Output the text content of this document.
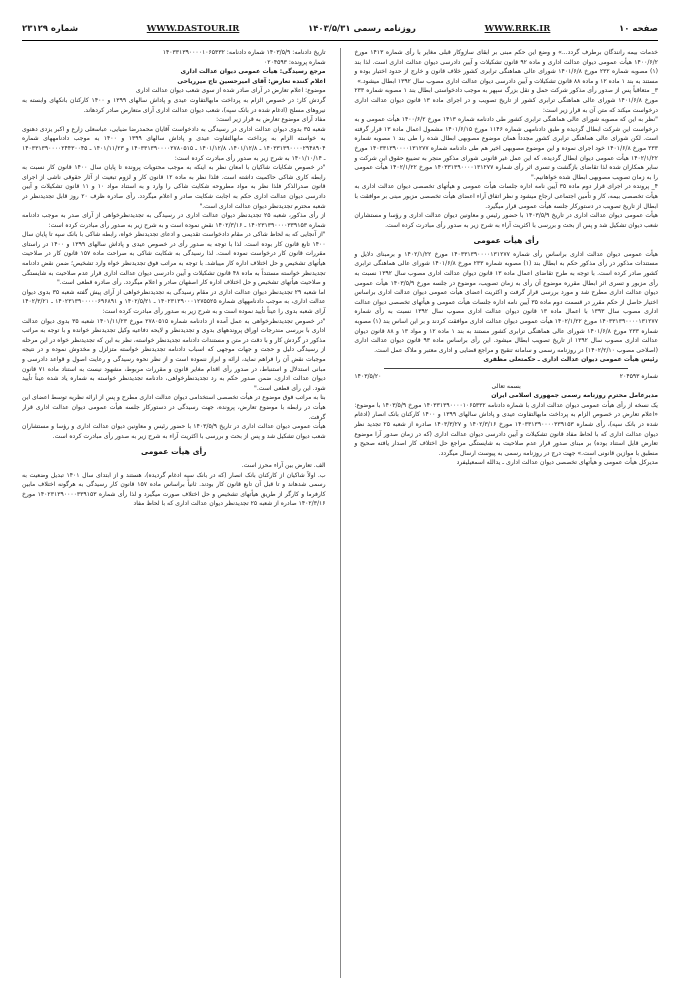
شماره ۲۳۱۲۹	WWW.DASTOUR.IR	روزنامه رسمی ۱۴۰۳/۵/۳۱	WWW.RRK.IR	صفحه ۱۰

خدمات بیمه رانندگان برطرف گردد...» و وضع این حکم مبنی بر ابقای سازوکار قبلی مغایر با رأی شماره ۱۴۱۳ مورخ ۱۴۰۰/۶/۲ هیأت عمومی دیوان عدالت اداری و ماده ۹۲ قانون تشکیلات و آیین دادرسی دیوان عدالت اداری است. لذا بند (۱) مصوبه شماره ۲۳۲ مورخ ۱۴۰۱/۶/۸ شورای عالی هماهنگی ترابری کشور خلاف قانون و خارج از حدود اختیار بوده و مستند به بند ۱ ماده ۱۲ و ماده ۸۸ قانون تشکیلات و آیین دادرسی دیوان عدالت اداری مصوب سال ۱۳۹۲ ابطال میشود.»

۳_ متعاقباً پس از صدور رأی مذکور شرکت حمل و نقل بزرگ سپهر به موجب دادخواستی ابطال بند ۱ مصوبه شماره ۲۳۳ مورخ ۱۴۰۱/۶/۸ شورای عالی هماهنگی ترابری کشور از تاریخ تصویب و در اجرای ماده ۱۳ قانون دیوان عدالت اداری درخواست میکند که متن آن به قرار زیر است:

"نظر به این که مصوبه شورای عالی هماهنگی ترابری کشور طی دادنامه شماره ۱۴۱۳ مورخ ۱۴۰۰/۶/۲ هیأت عمومی و به درخواست این شرکت ابطال گردیده و طبق دادنامهی شماره ۱۱۴۶ مورخ ۱۴۰۱/۶/۱۵ مشمول اعمال ماده ۱۳ قرار گرفته است. لکن شورای عالی هماهنگی ترابری کشور مجدداً همان موضوع مصوبهی ابطال شده را طی بند ۱ مصوبه شماره ۲۳۳ مورخ ۱۴۰۱/۶/۸ خود اجرای نموده و این موضوع مصوبهی اخیر هم طی دادنامه شماره ۱۴۰۳۳۱۳۹۰۰۰۰۱۳۱۲۷۷ مورخ ۱۴۰۲/۱/۲۲ هیأت عمومی دیوان ابطال گردیده، که این عمل غیر قانونی شورای مذکور منجر به تضییع حقوق این شرکت و سایر همکاران شده لذا تقاضای بازگشت و تسری اثر رأی شماره ۱۴۰۳۳۱۳۹۰۰۰۰۱۳۱۲۷۷ مورخ ۱۴۰۲/۱/۲۲ هیأت عمومی را به زمان تصویب مصوبهی ابطال شده خواهانیم."

۴_ پرونده در اجرای قرار دوم ماده ۳۵ آیین نامه اداره جلسات هیأت عمومی و هیأتهای تخصصی دیوان عدالت اداری به هیأت تخصصی بیمه، کار و تأمین اجتماعی ارجاع میشود و نظر اتفاق آراء اعضای هیأت تخصصی مزبور مبنی بر موافقت با ابطال از تاریخ تصویب در دستورکار جلسه هیأت عمومی قرار میگیرد.

هیأت عمومی دیوان عدالت اداری در تاریخ ۱۴۰۳/۵/۹ با حضور رئیس و معاونین دیوان عدالت اداری و رؤسا و مستشاران شعب دیوان تشکیل شد و پس از بحث و بررسی با اکثریت آراء به شرح زیر به صدور رأی مبادرت کرده است.

رأی هیأت عمومی

هیأت عمومی دیوان عدالت اداری براساس رأی شماره ۱۴۰۳۳۱۳۹۰۰۰۰۱۳۱۲۷۷ مورخ ۱۴۰۲/۱/۲۲ و برمبنای دلایل و مستندات مذکور در رأی مذکور حکم به ابطال بند (۱) مصوبه شماره ۲۳۳ مورخ ۱۴۰۱/۶/۸ شورای عالی هماهنگی ترابری کشور صادر کرده است. با توجه به طرح تقاضای اعمال ماده ۱۳ قانون دیوان عدالت اداری مصوب سال ۱۳۹۲ نسبت به رأی مزبور و تسری اثر ابطال مقرره موضوع آن رأی به زمان تصویب، موضوع در جلسه مورخ ۱۴۰۳/۵/۹ هیأت عمومی دیوان عدالت اداری مطرح شد و مورد بررسی قرار گرفت و اکثریت اعضای هیأت عمومی دیوان عدالت اداری براساس اختیار حاصل از حکم مقرر در قسمت دوم ماده ۳۵ آیین نامه اداره جلسات هیأت عمومی و هیأتهای تخصصی دیوان عدالت اداری مصوب سال ۱۳۹۳ با اعمال ماده ۱۳ قانون دیوان عدالت اداری مصوب سال ۱۳۹۲ نسبت به رأی شماره ۱۴۰۳۳۱۳۹۰۰۰۰۱۳۱۲۷۷ مورخ ۱۴۰۲/۱/۲۲ هیأت عمومی دیوان عدالت اداری موافقت کردند و بر این اساس بند (۱) مصوبه شماره ۲۳۳ مورخ ۱۴۰۱/۶/۸ شورای عالی هماهنگی ترابری کشور مستند به بند ۱ ماده ۱۲ و مواد ۱۳ و ۸۸ قانون دیوان عدالت اداری مصوب سال ۱۳۹۲ از تاریخ تصویب ابطال میشود. این رأی براساس ماده ۹۳ قانون دیوان عدالت اداری (اصلاحی مصوب ۱۴۰۲/۲/۱۰) در روزنامه رسمی و سامانه تنقیح و مراجع قضایی و اداری معتبر و ملاک عمل است.

رئیس هیأت عمومی دیوان عدالت اداری ـ حکمتعلی مظفری

شماره ۲۰۴۵۹۳
۱۴۰۳/۵/۲۰
بسمه تعالی

مدیرعامل محترم روزنامه رسمی جمهوری اسلامی ایران

یک نسخه از رأی هیأت عمومی دیوان عدالت اداری با شماره دادنامه ۱۴۰۳۳۱۳۹۰۰۰۰۱۰۶۵۳۳۲ مورخ ۱۴۰۳/۵/۹ با موضوع: «اعلام تعارض در خصوص الزام به پرداخت مابهالتفاوت عیدی و پاداش سالهای ۱۳۹۹ و ۱۴۰۰ کارکنان بانک انصار (ادغام شده در بانک سپه)، رأی شماره ۱۴۰۳۳۱۳۹۰۰۰۰۳۳۹۱۵۳ مورخ ۱۴۰۲/۳/۱۶ و ۱۴۰۳/۳/۲۷ صادره از شعبه ۲۵ تجدید نظر دیوان عدالت اداری که با لحاظ مفاد قانون تشکیلات و آیین دادرسی دیوان عدالت اداری (که در زمان صدور آرا موضوع تعارض قابل استناد بوده) بر مبنای صدور قرار عدم صلاحیت به شایستگی مراجع حل اختلاف کار اصدار یافته صحیح و منطبق با موازین قانونی است.» جهت درج در روزنامه رسمی به پیوست ارسال میگردد.

مدیرکل هیأت عمومی و هیأتهای تخصصی دیوان عدالت اداری ـ یدالله اسمعیلیفرد

تاریخ دادنامه: ۱۴۰۳/۵/۹ شماره دادنامه: ۱۴۰۳۳۱۳۹۰۰۰۰۱۰۶۵۳۳۲
شماره پرونده: ۰۲۰۴۵۹۳
مرجع رسیدگی: هیأت عمومی دیوان عدالت اداری
اعلام کننده تعارض: آقای امیرحسین تاج میرریاحی
موضوع: اعلام تعارض در آرای صادر شده از سوی شعب دیوان عدالت اداری
گردش کار: در خصوص الزام به پرداخت مابهالتفاوت عیدی و پاداش سالهای ۱۳۹۹ و ۱۴۰۰ کارکنان بانکهای وابسته به نیروهای مسلح (ادغام شده در بانک سپه)، شعب دیوان عدالت اداری آرای متعارض صادر کردهاند.
مفاد آرای موضوع تعارض به قرار زیر است:

شعبه ۳۵ بدوی دیوان عدالت اداری در رسیدگی به دادخواست آقایان محمدرضا ضیایی، عباسعلی زارع و اکبر یزدی دهنوی به خواسته الزام به پرداخت مابهالتفاوت عیدی و پاداش سالهای ۱۳۹۹ و ۱۴۰۰ به موجب دادنامههای شماره ۱۴۰۳۳۱۳۹۰۰۰۰۲۹۴۸۹۰۴ ـ ۱۴۰۱/۱۲/۸، ۱۴۰۱/۱۲/۸ ـ ۱۴۰۳۳۱۳۹۰۰۰۰۲۷۸۰۵۱۵ و ۱۴۰۱/۱۱/۲۳ ـ ۱۴۰۳۳۱۳۹۰۰۰۰۲۴۴۳۰۰۴۵ ـ ۱۴۰۱/۱۰/۱۴ به شرح زیر به صدور رأی مبادرت کرده است:

"در خصوص شکایات شاکیان با امعان نظر به اینکه به موجب محتویات پرونده تا پایان سال ۱۴۰۰ قانون کار نسبت به رابطه کاری شاکی حاکمیت داشته است. فلذا نظر به ماده ۱۲ قانون کار و لزوم تبعیت از آثار حقوقی ناشی از اجرای قانون صدرالذکر فلذا نظر به مواد مطروحه شکایت شاکی را وارد و به استناد مواد ۱۰ و ۱۱ قانون تشکیلات و آیین دادرسی دیوان عدالت اداری حکم به اجابت شکایت صادر و اعلام میگردد. رأی صادره ظرف ۲۰ روز قابل تجدیدنظر در شعبه محترم تجدیدنظر دیوان عدالت اداری است."

از رأی مذکور، شعبه ۲۵ تجدیدنظر دیوان عدالت اداری در رسیدگی به تجدیدنظرخواهی از آرای صدر به موجب دادنامه شماره ۱۴۰۲۳۱۳۹۰۰۰۰۳۳۹۱۵۳ ـ ۱۴۰۲/۳/۱۶ نقض نموده است و به شرح زیر به صدور رأی مبادرت کرده است:

"از آنجایی که به لحاظ شاکی در مقام دادخواست تقدیمی و ادعای تجدیدنظر خواه، رابطه شاکی با بانک سپه تا پایان سال ۱۴۰۰ تابع قانون کار بوده است. لذا با توجه به صدور رأی در خصوص عیدی و پاداش سالهای ۱۳۹۹ و ۱۴۰۰ در راستای مقررات قانون کار درخواست نموده است. لذا رسیدگی به شکایت شاکی به صراحت ماده ۱۵۷ قانون کار در صلاحیت هیأتهای تشخیص و حل اختلاف اداره کار میباشد. با توجه به مراتب فوق تجدیدنظر خواه وارد تشخیص؛ ضمن نقض دادنامه تجدیدنظر خواسته مستنداً به ماده ۴۸ قانون تشکیلات و آیین دادرسی دیوان عدالت اداری قرار عدم صلاحیت به شایستگی و صلاحیت هیأتهای تشخیص و حل اختلاف اداره کار اصفهان صادر و اعلام میگردد. رأی صادره قطعی است."

اما شعبه ۲۹ تجدیدنظر دیوان عدالت اداری در مقام رسیدگی به تجدیدنظرخواهی از آرای پیش گفته شعبه ۳۵ بدوی دیوان عدالت اداری، به موجب دادنامههای شماره ۱۴۰۲۳۱۳۹۰۰۰۱۲۷۵۵۲۵ ـ ۱۴۰۲/۵/۲۱ و ۱۴۰۲۳۱۳۹۰۰۰۰۰۶۹۶۸۹۱ ـ ۱۴۰۲/۳/۲۱ آرای شعبه بدوی را عیناً تأیید نموده است و به شرح زیر به صدور رأی مبادرت کرده است:

"در خصوص تجدیدنظرخواهی به عمل آمده از دادنامه شماره ۲۷۸۰۵۱۵ مورخ ۱۴۰۱/۱۱/۲۳ شعبه ۳۵ بدوی دیوان عدالت اداری با بررسی مندرجات اوراق پروندههای بدوی و تجدیدنظر و لایحه دفاعیه وکیل تجدیدنظر خوانده و با توجه به مراتب مذکور در گردش کار و با دقت در متن و مستندات دادنامه تجدیدنظر خواسته، نظر به این که تجدیدنظر خواه در این مرحله از رسیدگی دلیل و حجت و جهات موجهی که اسباب دادنامه تجدیدنظر خواسته متزلزل و مخدوش نموده و در نتیجه موجبات نقض آن را فراهم نماید، ارائه و ابراز ننموده است و از نظر نحوه رسیدگی و رعایت اصول و قواعد دادرسی و مبانی استدلال و استنباط، در صدور رأی اقدام مغایر قانون و مقررات مربوط، مشهود نیست به استناد ماده ۷۱ قانون دیوان عدالت اداری، ضمن صدور حکم به رد تجدیدنظرخواهی، دادنامه تجدیدنظر خواسته به شماره یاد شده عیناً تأیید شود. این رأی قطعی است."

بنا به مراتب فوق موضوع در هیأت تخصصی استخدامی دیوان عدالت اداری مطرح و پس از ارائه نظریه توسط اعضای این هیأت در رابطه با موضوع تعارض، پرونده، جهت رسیدگی در دستورکار جلسه هیأت عمومی دیوان عدالت اداری قرار گرفت.

هیأت عمومی دیوان عدالت اداری در تاریخ ۱۴۰۳/۵/۹ با حضور رئیس و معاونین دیوان عدالت اداری و رؤسا و مستشاران شعب دیوان تشکیل شد و پس از بحث و بررسی با اکثریت آراء به شرح زیر به صدور رأی مبادرت کرده است.

رأی هیأت عمومی

الف. تعارض بین آراء محرز است.

ب. اولاً شاکیان از کارکنان بانک انصار (که در بانک سپه ادغام گردیده)، هستند و از ابتدای سال ۱۴۰۱ تبدیل وضعیت به رسمی شدهاند و تا قبل آن تابع قانون کار بودند. ثانیاً براساس ماده ۱۵۷ قانون کار رسیدگی به هرگونه اختلاف مابین کارفرما و کارگر از طریق هیأتهای تشخیص و حل اختلاف صورت میگیرد و لذا رأی شماره ۱۴۰۲۳۱۳۹۰۰۰۰۳۳۹۱۵۳ مورخ ۱۴۰۲/۳/۱۶ صادره از شعبه ۲۵ تجدیدنظر دیوان عدالت اداری که با لحاظ مفاد
